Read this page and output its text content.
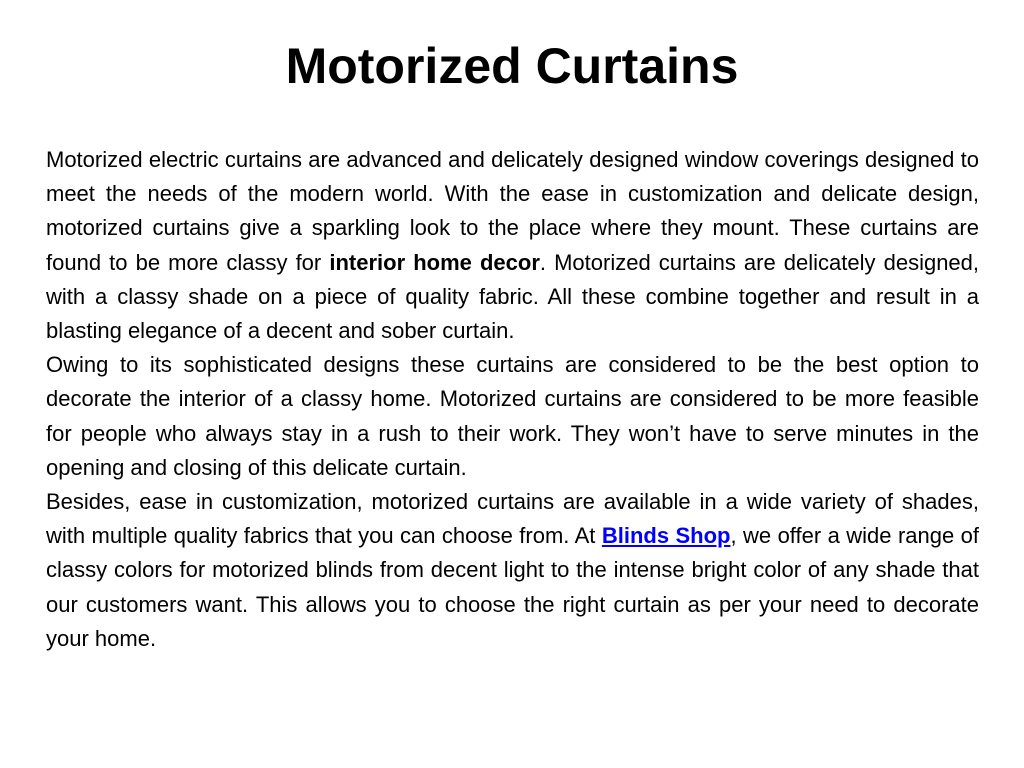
Motorized Curtains

Motorized electric curtains are advanced and delicately designed window coverings designed to meet the needs of the modern world. With the ease in customization and delicate design, motorized curtains give a sparkling look to the place where they mount. These curtains are found to be more classy for interior home decor. Motorized curtains are delicately designed, with a classy shade on a piece of quality fabric. All these combine together and result in a blasting elegance of a decent and sober curtain.

Owing to its sophisticated designs these curtains are considered to be the best option to decorate the interior of a classy home. Motorized curtains are considered to be more feasible for people who always stay in a rush to their work. They won’t have to serve minutes in the opening and closing of this delicate curtain.

Besides, ease in customization, motorized curtains are available in a wide variety of shades, with multiple quality fabrics that you can choose from. At Blinds Shop, we offer a wide range of classy colors for motorized blinds from decent light to the intense bright color of any shade that our customers want. This allows you to choose the right curtain as per your need to decorate your home.
